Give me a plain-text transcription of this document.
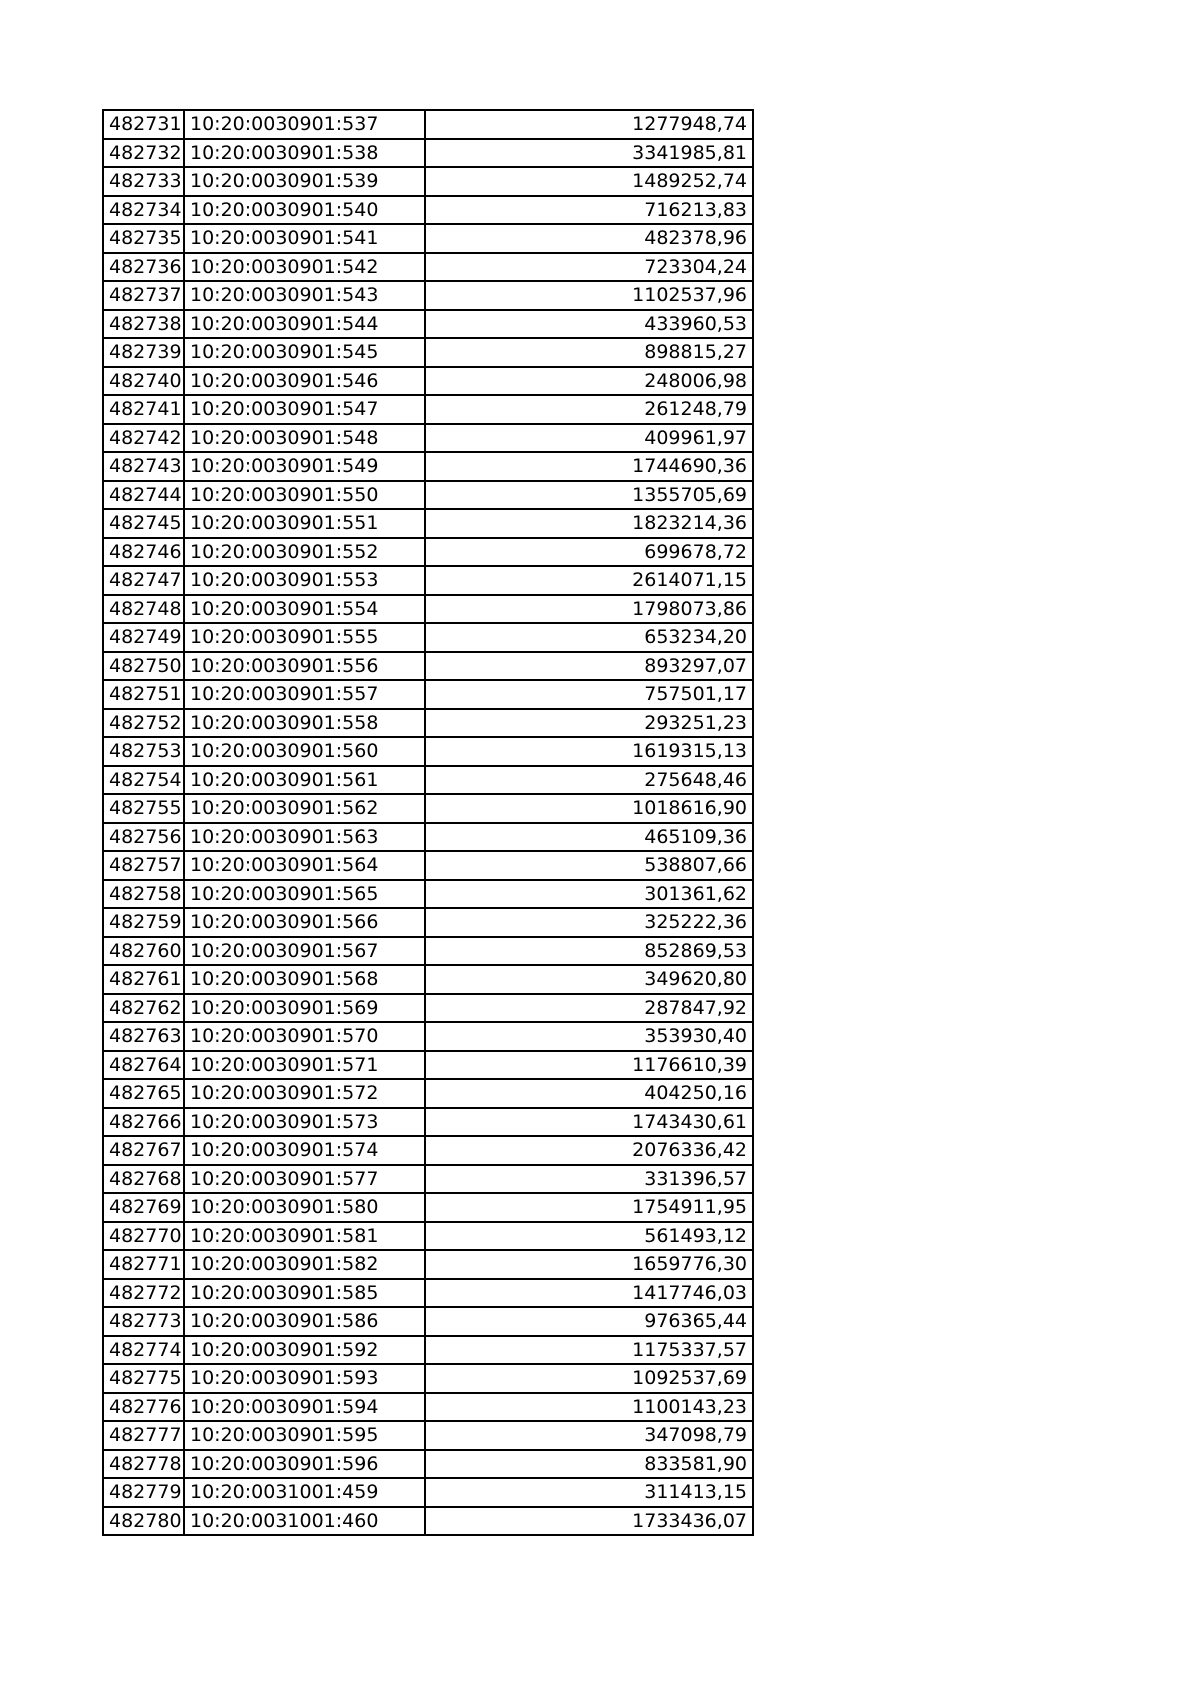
482731	10:20:0030901:537	1277948,74
482732	10:20:0030901:538	3341985,81
482733	10:20:0030901:539	1489252,74
482734	10:20:0030901:540	716213,83
482735	10:20:0030901:541	482378,96
482736	10:20:0030901:542	723304,24
482737	10:20:0030901:543	1102537,96
482738	10:20:0030901:544	433960,53
482739	10:20:0030901:545	898815,27
482740	10:20:0030901:546	248006,98
482741	10:20:0030901:547	261248,79
482742	10:20:0030901:548	409961,97
482743	10:20:0030901:549	1744690,36
482744	10:20:0030901:550	1355705,69
482745	10:20:0030901:551	1823214,36
482746	10:20:0030901:552	699678,72
482747	10:20:0030901:553	2614071,15
482748	10:20:0030901:554	1798073,86
482749	10:20:0030901:555	653234,20
482750	10:20:0030901:556	893297,07
482751	10:20:0030901:557	757501,17
482752	10:20:0030901:558	293251,23
482753	10:20:0030901:560	1619315,13
482754	10:20:0030901:561	275648,46
482755	10:20:0030901:562	1018616,90
482756	10:20:0030901:563	465109,36
482757	10:20:0030901:564	538807,66
482758	10:20:0030901:565	301361,62
482759	10:20:0030901:566	325222,36
482760	10:20:0030901:567	852869,53
482761	10:20:0030901:568	349620,80
482762	10:20:0030901:569	287847,92
482763	10:20:0030901:570	353930,40
482764	10:20:0030901:571	1176610,39
482765	10:20:0030901:572	404250,16
482766	10:20:0030901:573	1743430,61
482767	10:20:0030901:574	2076336,42
482768	10:20:0030901:577	331396,57
482769	10:20:0030901:580	1754911,95
482770	10:20:0030901:581	561493,12
482771	10:20:0030901:582	1659776,30
482772	10:20:0030901:585	1417746,03
482773	10:20:0030901:586	976365,44
482774	10:20:0030901:592	1175337,57
482775	10:20:0030901:593	1092537,69
482776	10:20:0030901:594	1100143,23
482777	10:20:0030901:595	347098,79
482778	10:20:0030901:596	833581,90
482779	10:20:0031001:459	311413,15
482780	10:20:0031001:460	1733436,07
